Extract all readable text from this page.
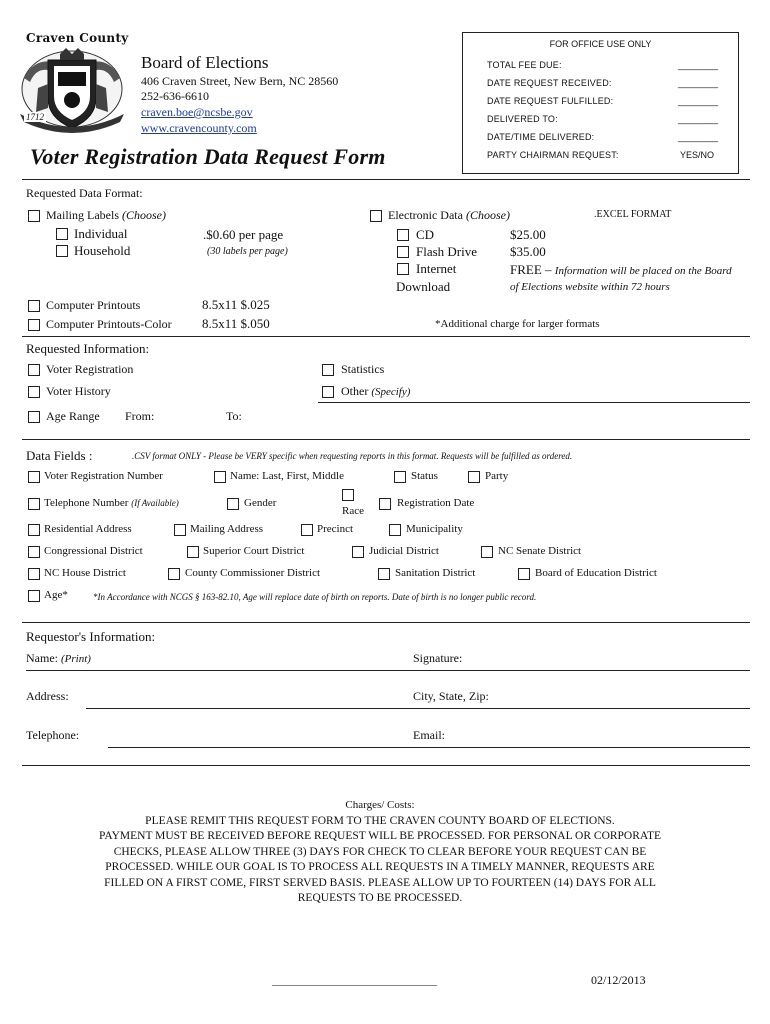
Craven County
1712
Board of Elections
406 Craven Street, New Bern, NC 28560
252-636-6610
craven.boe@ncsbe.gov
www.cravencounty.com
Voter Registration Data Request Form
FOR OFFICE USE ONLY
TOTAL FEE DUE:	________
DATE REQUEST RECEIVED:	________
DATE REQUEST FULFILLED:	________
DELIVERED TO:	________
DATE/TIME DELIVERED:	________
PARTY CHAIRMAN REQUEST:	YES/NO
Requested Data Format:
Mailing Labels (Choose)
Individual
Household
.$0.60 per page
(30 labels per page)
Electronic Data (Choose)	.EXCEL FORMAT
CD	$25.00
Flash Drive	$35.00
Internet
Download
FREE – Information will be placed on the Board
of Elections website within 72 hours
Computer Printouts	8.5x11 $.025
Computer Printouts-Color 8.5x11 $.050	*Additional charge for larger formats
Requested Information:
Voter Registration	Statistics
Voter History	Other (Specify)
Age Range From:	To:
Data Fields :	.CSV format ONLY - Please be VERY specific when requesting reports in this format. Requests will be fulfilled as ordered.
Voter Registration Number	Name: Last, First, Middle	Status	Party
Telephone Number (If Available)	Gender
Race
Registration Date
Residential Address	Mailing Address	Precinct	Municipality
Congressional District	Superior Court District	Judicial District	NC Senate District
NC House District	County Commissioner District	Sanitation District	Board of Education District
Age*	*In Accordance with NCGS § 163-82.10, Age will replace date of birth on reports. Date of birth is no longer public record.
Requestor's Information:
Name: (Print)	Signature:
Address:	City, State, Zip:
Telephone:	Email:
Charges/ Costs:
PLEASE REMIT THIS REQUEST FORM TO THE CRAVEN COUNTY BOARD OF ELECTIONS.
PAYMENT MUST BE RECEIVED BEFORE REQUEST WILL BE PROCESSED. FOR PERSONAL OR CORPORATE
CHECKS, PLEASE ALLOW THREE (3) DAYS FOR CHECK TO CLEAR BEFORE YOUR REQUEST CAN BE
PROCESSED. WHILE OUR GOAL IS TO PROCESS ALL REQUESTS IN A TIMELY MANNER, REQUESTS ARE
FILLED ON A FIRST COME, FIRST SERVED BASIS. PLEASE ALLOW UP TO FOURTEEN (14) DAYS FOR ALL
REQUESTS TO BE PROCESSED.
______________________________	02/12/2013
